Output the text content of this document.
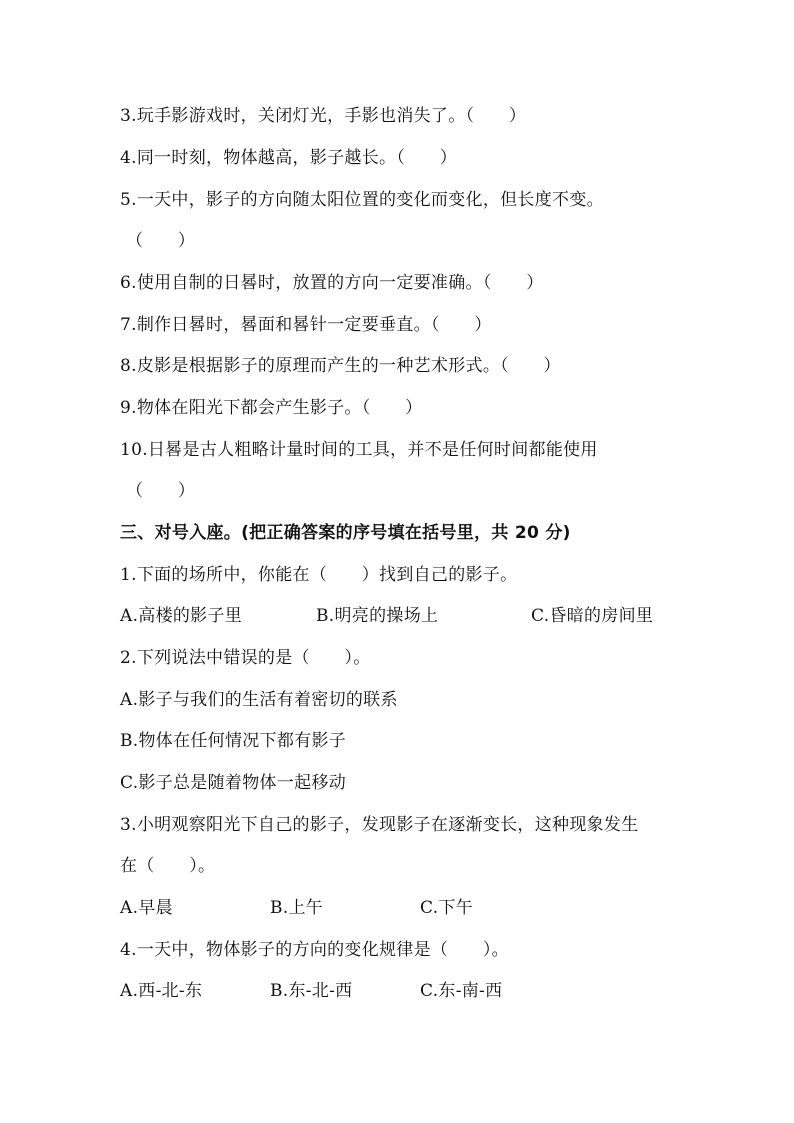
3.玩手影游戏时，关闭灯光，手影也消失了。（　　）
4.同一时刻，物体越高，影子越长。（　　）
5.一天中，影子的方向随太阳位置的变化而变化，但长度不变。
（　　）
6.使用自制的日晷时，放置的方向一定要准确。（　　）
7.制作日晷时，晷面和晷针一定要垂直。（　　）
8.皮影是根据影子的原理而产生的一种艺术形式。（　　）
9.物体在阳光下都会产生影子。（　　）
10.日晷是古人粗略计量时间的工具，并不是任何时间都能使用
（　　）
三、对号入座。(把正确答案的序号填在括号里，共 20 分)
1.下面的场所中，你能在（　　）找到自己的影子。
A.高楼的影子里	B.明亮的操场上	C.昏暗的房间里
2.下列说法中错误的是（　　）。
A.影子与我们的生活有着密切的联系
B.物体在任何情况下都有影子
C.影子总是随着物体一起移动
3.小明观察阳光下自己的影子，发现影子在逐渐变长，这种现象发生
在（　　）。
A.早晨	B.上午	C.下午
4.一天中，物体影子的方向的变化规律是（　　）。
A.西-北-东	B.东-北-西	C.东-南-西
